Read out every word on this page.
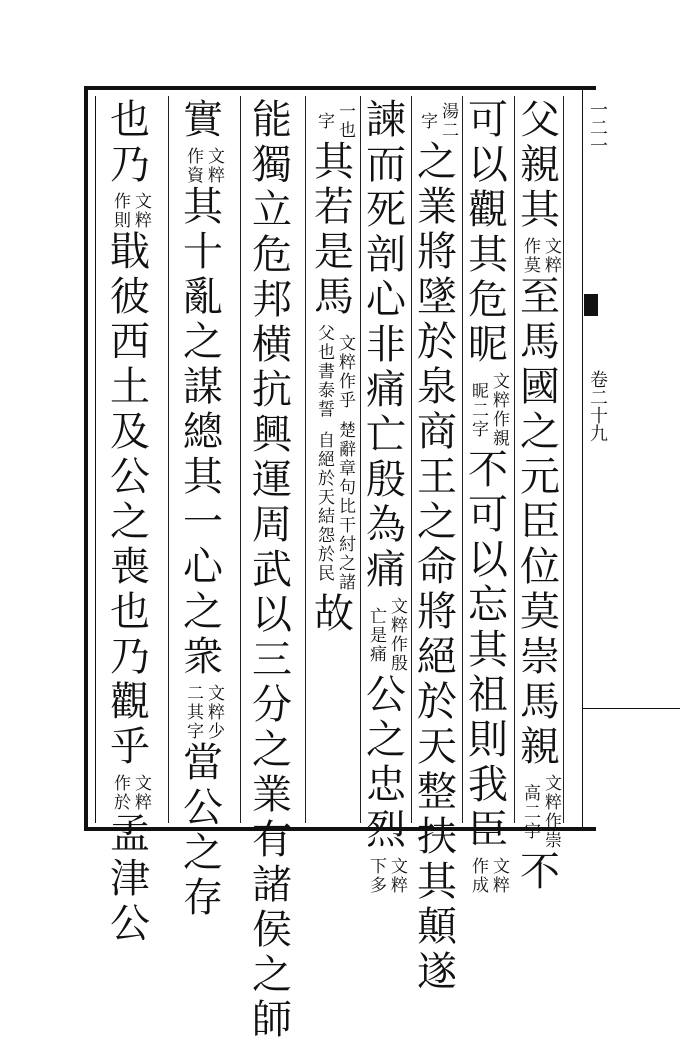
一二一
卷二十九
父
親
其
文粹
作莫
至
馬
國
之
元
臣
位
莫
崇
馬
親
文粹作崇
高二字
不
可
以
觀
其
危
昵
文粹作親
昵二字
不
可
以
忘
其
祖
則
我
臣
文粹
作成
湯二
字
之
業
將
墜
於
泉
商
王
之
命
將
絕
於
天
整
扶
其
顛
遂
諫
而
死
剖
心
非
痛
亡
殷
為
痛
文粹作殷
亡是痛
公
之
忠
烈
文粹
下多
一也
字
其
若
是
馬
文粹作乎
父也書泰誓
楚辭章句比干紂之諸
自絕於天結怨於民
故
能
獨
立
危
邦
横
抗
興
運
周
武
以
三
分
之
業
有
諸
侯
之
師
實
文粹
作資
其
十
亂
之
謀
總
其
一
心
之
衆
文粹少
二其字
當
公
之
存
也
乃
文粹
作則
戢
彼
西
土
及
公
之
喪
也
乃
觀
乎
文粹
作於
孟
津
公
